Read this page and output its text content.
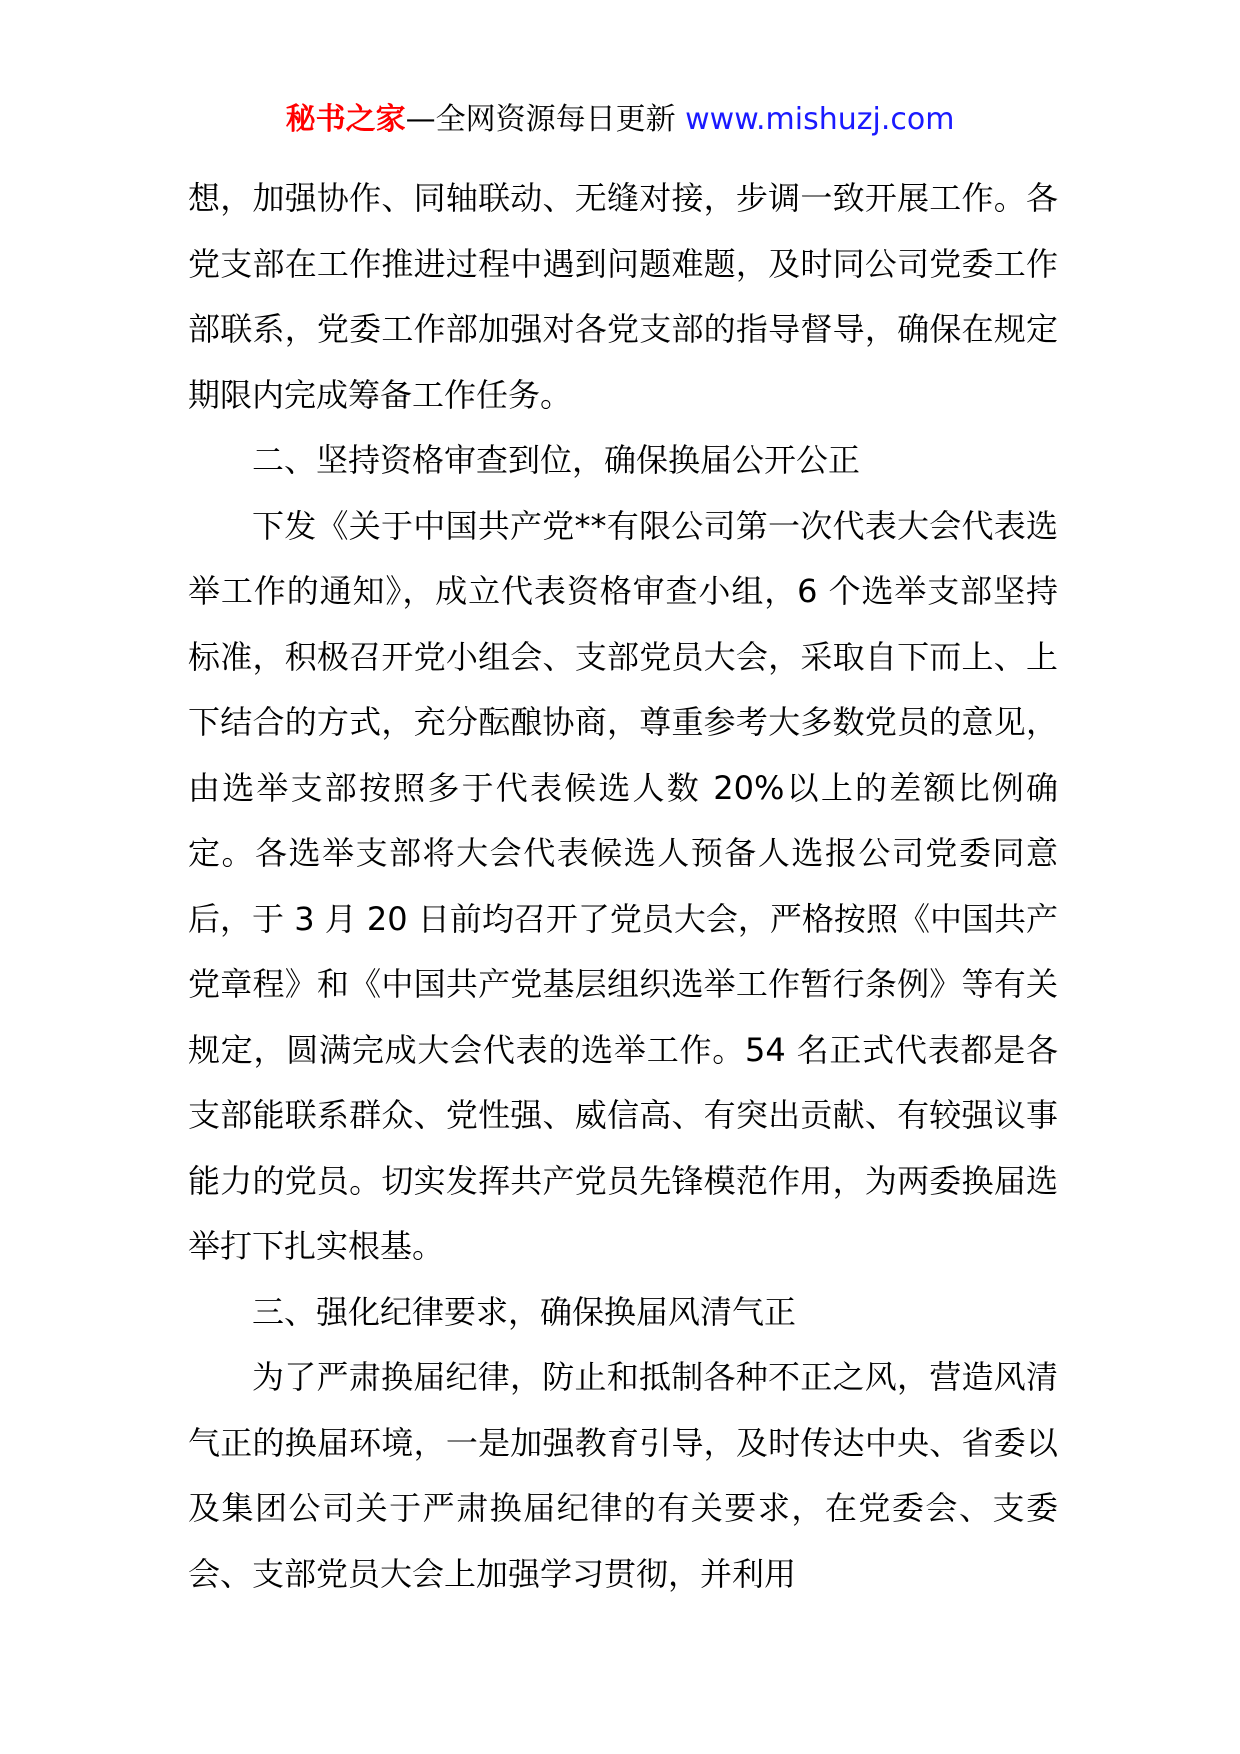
秘书之家—全网资源每日更新 www.mishuzj.com

想，加强协作、同轴联动、无缝对接，步调一致开展工作。各党支部在工作推进过程中遇到问题难题，及时同公司党委工作部联系，党委工作部加强对各党支部的指导督导，确保在规定期限内完成筹备工作任务。

二、坚持资格审查到位，确保换届公开公正

下发《关于中国共产党**有限公司第一次代表大会代表选举工作的通知》，成立代表资格审查小组，6 个选举支部坚持标准，积极召开党小组会、支部党员大会，采取自下而上、上下结合的方式，充分酝酿协商，尊重参考大多数党员的意见，由选举支部按照多于代表候选人数 20%以上的差额比例确定。各选举支部将大会代表候选人预备人选报公司党委同意后，于 3 月 20 日前均召开了党员大会，严格按照《中国共产党章程》和《中国共产党基层组织选举工作暂行条例》等有关规定，圆满完成大会代表的选举工作。54 名正式代表都是各支部能联系群众、党性强、威信高、有突出贡献、有较强议事能力的党员。切实发挥共产党员先锋模范作用，为两委换届选举打下扎实根基。

三、强化纪律要求，确保换届风清气正

为了严肃换届纪律，防止和抵制各种不正之风，营造风清气正的换届环境，一是加强教育引导，及时传达中央、省委以及集团公司关于严肃换届纪律的有关要求，在党委会、支委会、支部党员大会上加强学习贯彻，并利用
